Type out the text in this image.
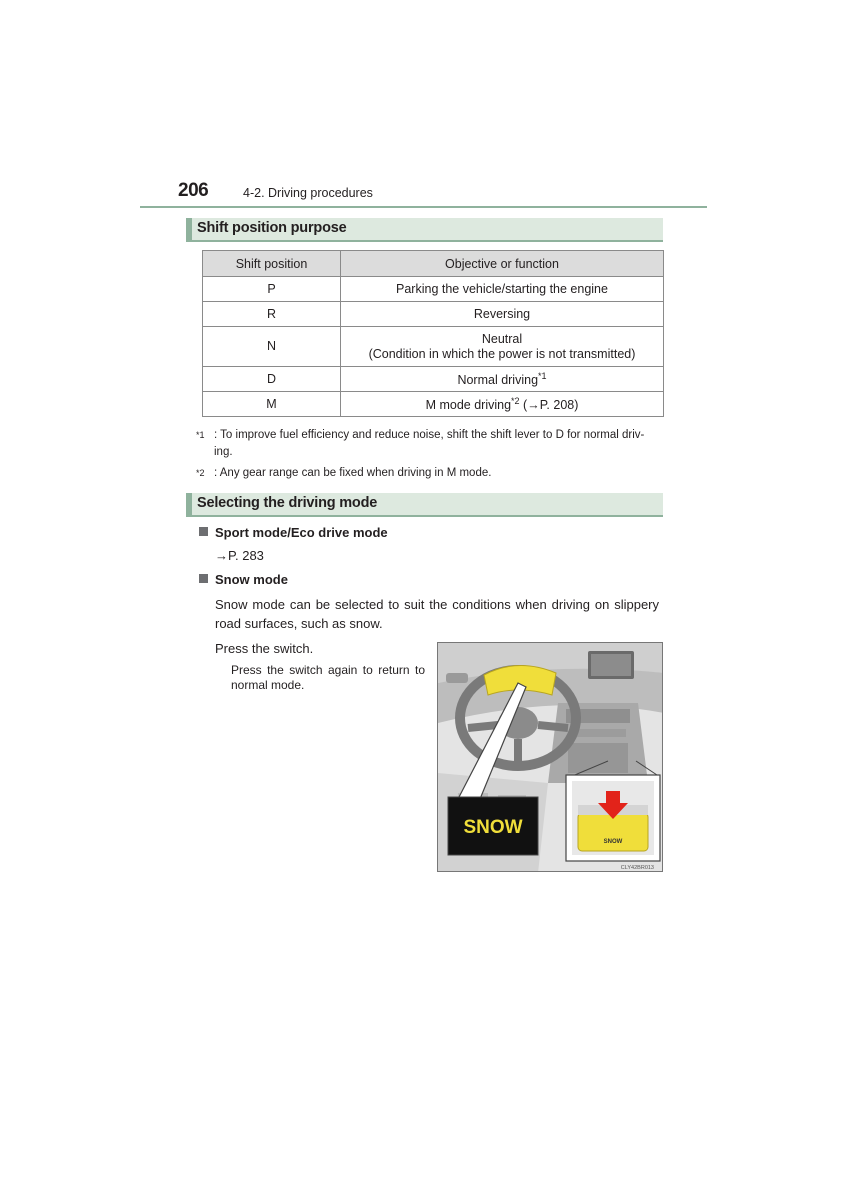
206	4-2. Driving procedures
Shift position purpose
Shift position	Objective or function
P	Parking the vehicle/starting the engine
R	Reversing
N	Neutral
(Condition in which the power is not transmitted)

D	Normal driving$^{*1}$
M	M mode driving$^{*2}$ (→P. 208)
$^{*1}$ : To improve fuel efficiency and reduce noise, shift the shift lever to D for normal driv-
ing.
$^{*2}$ : Any gear range can be fixed when driving in M mode.
Selecting the driving mode
Sport mode/Eco drive mode
→P. 283
Snow mode
Snow mode can be selected to suit the conditions when driving on slippery
road surfaces, such as snow.
Press the switch.
Press the switch again to return to
normal mode.
SNOW
SNOW
CLY42BR013
